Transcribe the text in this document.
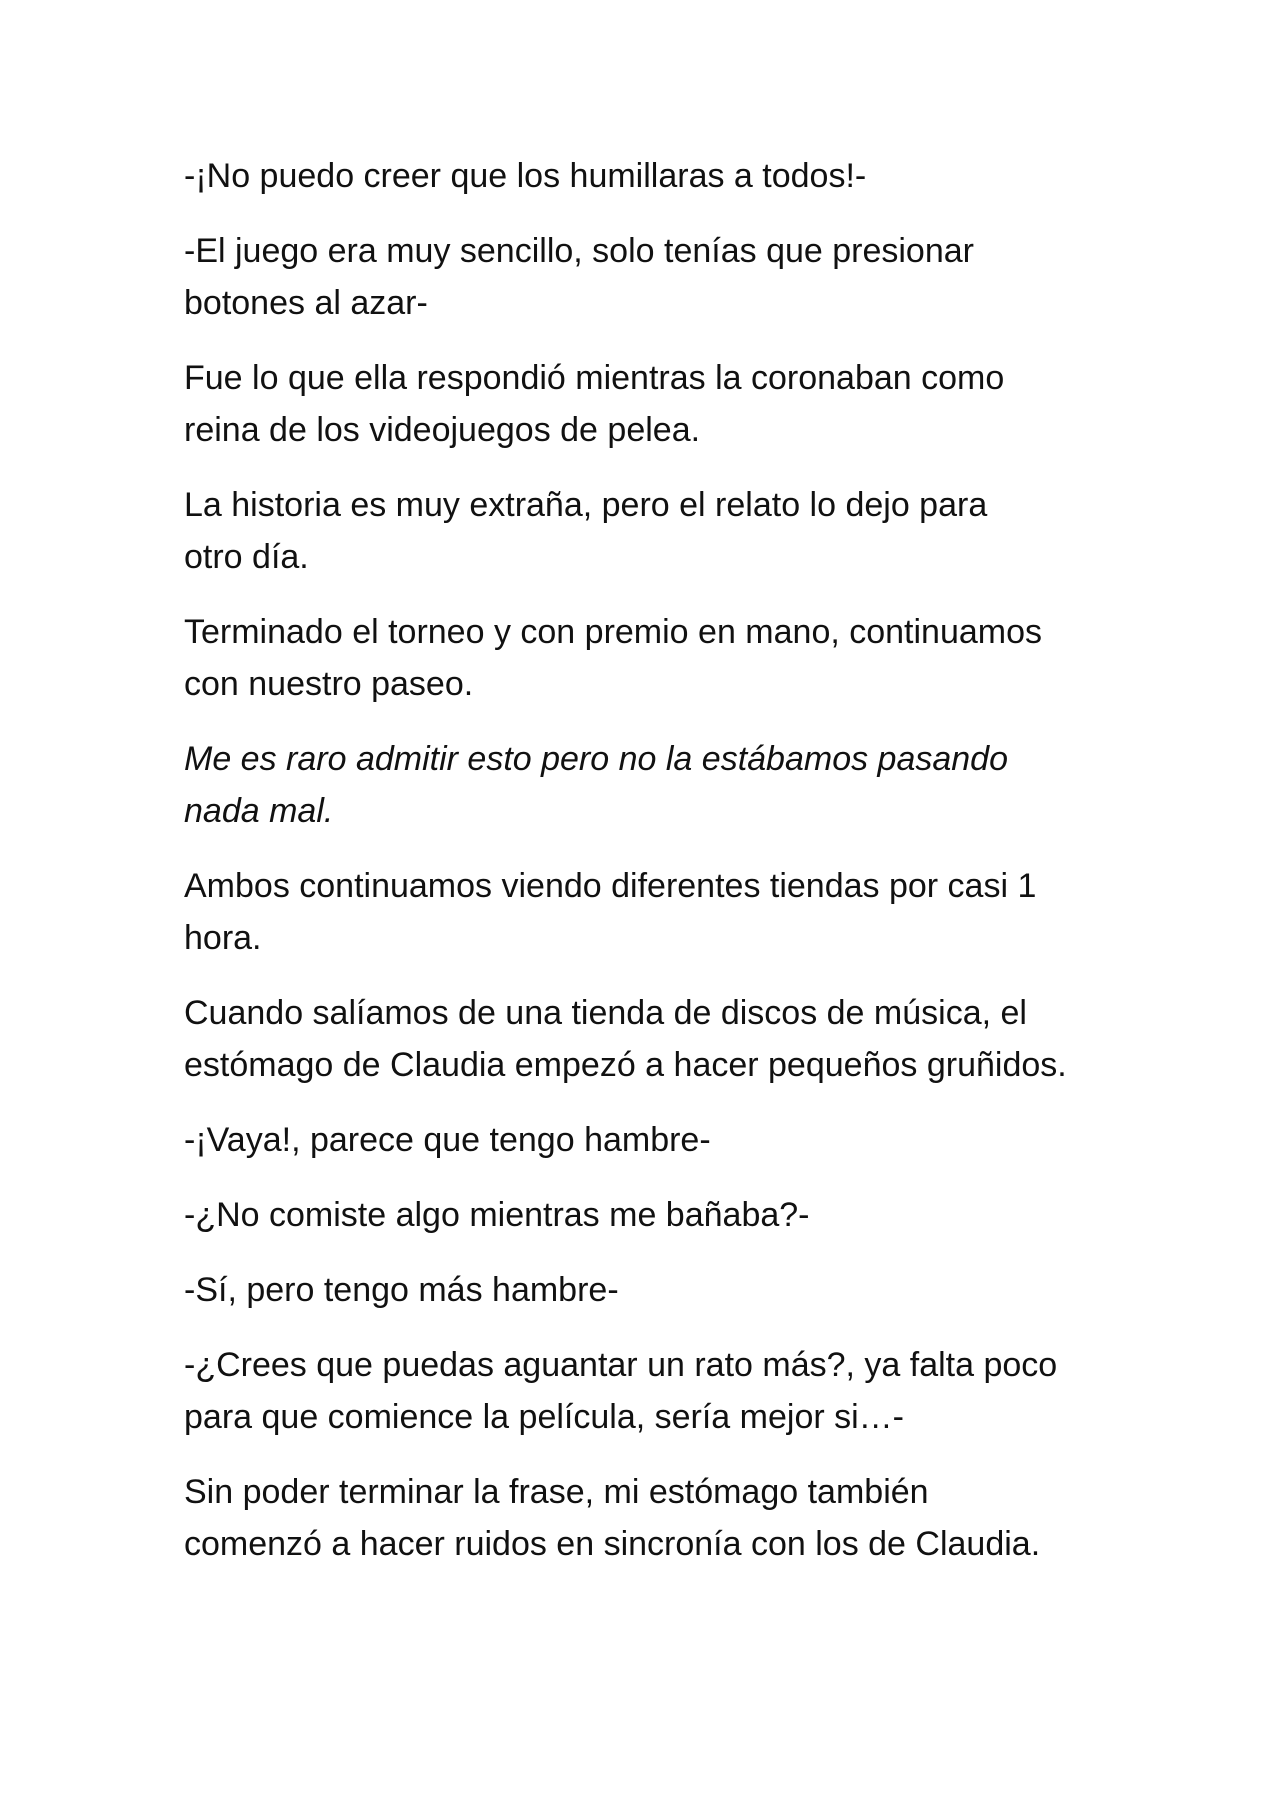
-¡No puedo creer que los humillaras a todos!-

-El juego era muy sencillo, solo tenías que presionar
botones al azar-

Fue lo que ella respondió mientras la coronaban como
reina de los videojuegos de pelea.

La historia es muy extraña, pero el relato lo dejo para
otro día.

Terminado el torneo y con premio en mano, continuamos
con nuestro paseo.

Me es raro admitir esto pero no la estábamos pasando
nada mal.

Ambos continuamos viendo diferentes tiendas por casi 1
hora.

Cuando salíamos de una tienda de discos de música, el
estómago de Claudia empezó a hacer pequeños gruñidos.

-¡Vaya!, parece que tengo hambre-

-¿No comiste algo mientras me bañaba?-

-Sí, pero tengo más hambre-

-¿Crees que puedas aguantar un rato más?, ya falta poco
para que comience la película, sería mejor si…-

Sin poder terminar la frase, mi estómago también
comenzó a hacer ruidos en sincronía con los de Claudia.
